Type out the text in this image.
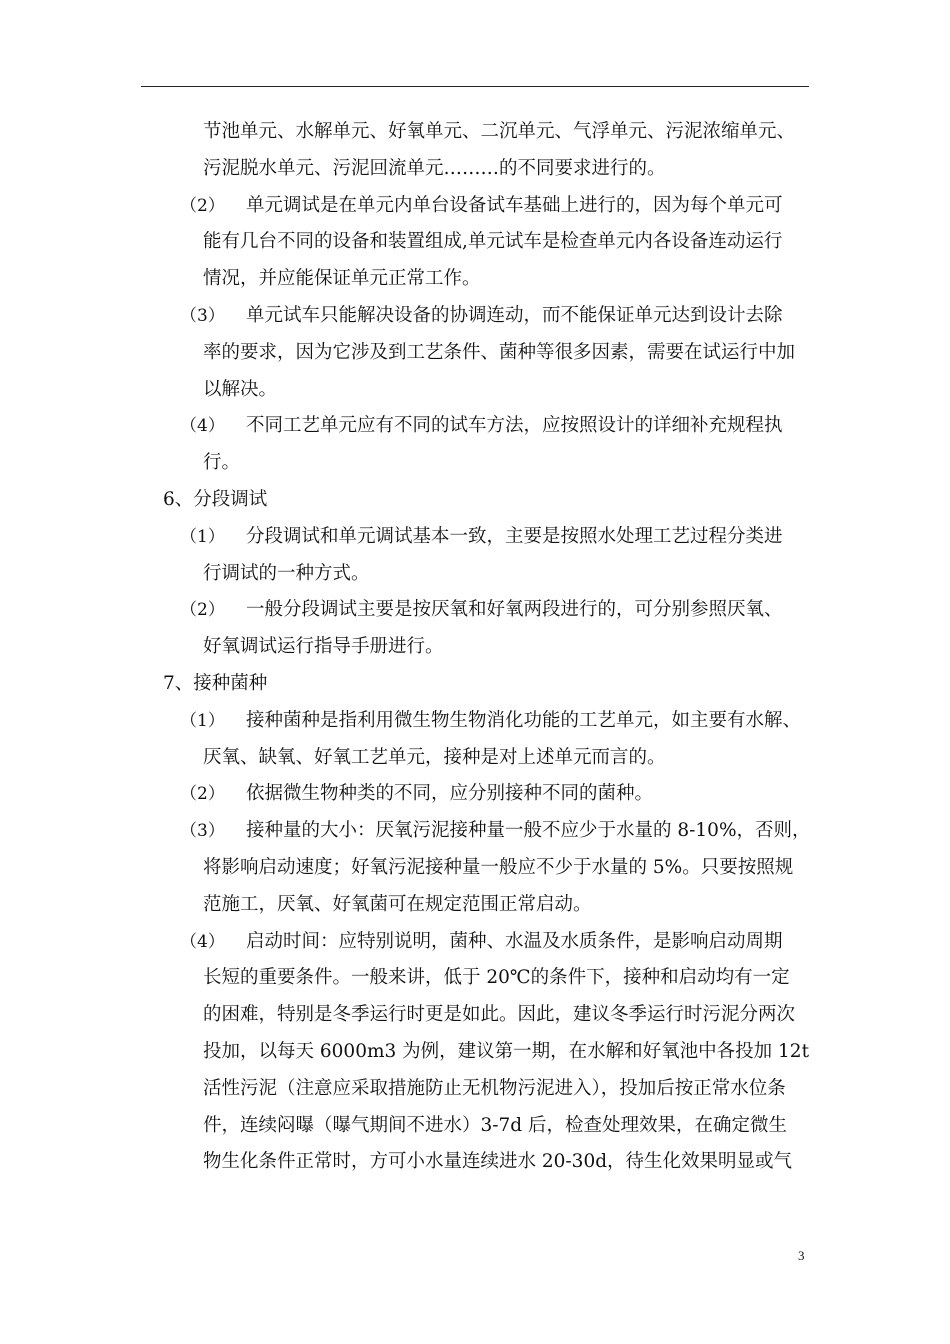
节池单元、水解单元、好氧单元、二沉单元、气浮单元、污泥浓缩单元、
污泥脱水单元、污泥回流单元………的不同要求进行的。
（2） 单元调试是在单元内单台设备试车基础上进行的，因为每个单元可
能有几台不同的设备和装置组成,单元试车是检查单元内各设备连动运行
情况，并应能保证单元正常工作。
（3） 单元试车只能解决设备的协调连动，而不能保证单元达到设计去除
率的要求，因为它涉及到工艺条件、菌种等很多因素，需要在试运行中加
以解决。
（4） 不同工艺单元应有不同的试车方法，应按照设计的详细补充规程执
行。
6、分段调试
（1） 分段调试和单元调试基本一致，主要是按照水处理工艺过程分类进
行调试的一种方式。
（2） 一般分段调试主要是按厌氧和好氧两段进行的，可分别参照厌氧、
好氧调试运行指导手册进行。
7、接种菌种
（1） 接种菌种是指利用微生物生物消化功能的工艺单元，如主要有水解、
厌氧、缺氧、好氧工艺单元，接种是对上述单元而言的。
（2） 依据微生物种类的不同，应分别接种不同的菌种。
（3） 接种量的大小：厌氧污泥接种量一般不应少于水量的 8-10%，否则，
将影响启动速度；好氧污泥接种量一般应不少于水量的 5%。只要按照规
范施工，厌氧、好氧菌可在规定范围正常启动。
（4） 启动时间：应特别说明，菌种、水温及水质条件，是影响启动周期
长短的重要条件。一般来讲，低于 20℃的条件下，接种和启动均有一定
的困难，特别是冬季运行时更是如此。因此，建议冬季运行时污泥分两次
投加，以每天 6000m3 为例，建议第一期，在水解和好氧池中各投加 12t
活性污泥（注意应采取措施防止无机物污泥进入），投加后按正常水位条
件，连续闷曝（曝气期间不进水）3-7d 后，检查处理效果，在确定微生
物生化条件正常时，方可小水量连续进水 20-30d，待生化效果明显或气
3
